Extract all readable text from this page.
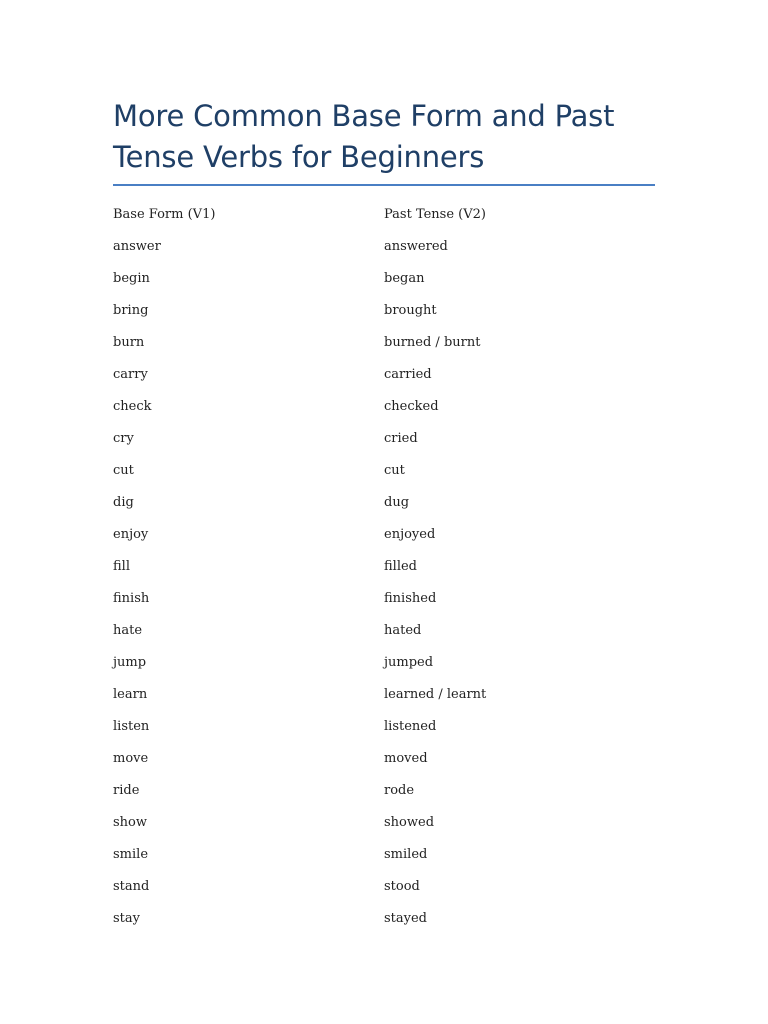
More Common Base Form and Past
Tense Verbs for Beginners
Base Form (V1)	Past Tense (V2)
answer	answered
begin	began
bring	brought
burn	burned / burnt
carry	carried
check	checked
cry	cried
cut	cut
dig	dug
enjoy	enjoyed
fill	filled
finish	finished
hate	hated
jump	jumped
learn	learned / learnt
listen	listened
move	moved
ride	rode
show	showed
smile	smiled
stand	stood
stay	stayed
